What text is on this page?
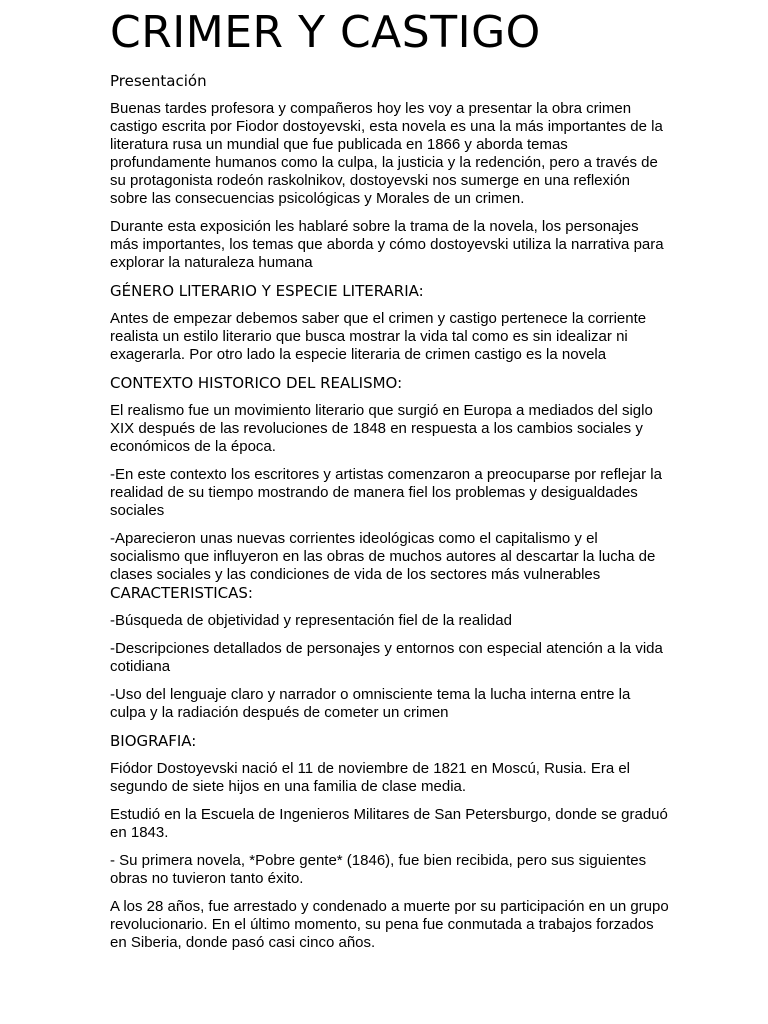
CRIMER Y CASTIGO
Presentación

Buenas tardes profesora y compañeros hoy les voy a presentar la obra crimen castigo escrita por Fiodor dostoyevski, esta novela es una la más importantes de la literatura rusa un mundial que fue publicada en 1866 y aborda temas profundamente humanos como la culpa, la justicia y la redención, pero a través de su protagonista rodeón raskolnikov, dostoyevski nos sumerge en una reflexión sobre las consecuencias psicológicas y Morales de un crimen.

Durante esta exposición les hablaré sobre la trama de la novela, los personajes más importantes, los temas que aborda y cómo dostoyevski utiliza la narrativa para explorar la naturaleza humana

GÉNERO LITERARIO Y ESPECIE LITERARIA:

Antes de empezar debemos saber que el crimen y castigo pertenece la corriente realista un estilo literario que busca mostrar la vida tal como es sin idealizar ni exagerarla. Por otro lado la especie literaria de crimen castigo es la novela

CONTEXTO HISTORICO DEL REALISMO:

El realismo fue un movimiento literario que surgió en Europa a mediados del siglo XIX después de las revoluciones de 1848 en respuesta a los cambios sociales y económicos de la época.

-En este contexto los escritores y artistas comenzaron a preocuparse por reflejar la realidad de su tiempo mostrando de manera fiel los problemas y desigualdades sociales

-Aparecieron unas nuevas corrientes ideológicas como el capitalismo y el socialismo que influyeron en las obras de muchos autores al descartar la lucha de clases sociales y las condiciones de vida de los sectores más vulnerables

CARACTERISTICAS:

-Búsqueda de objetividad y representación fiel de la realidad

-Descripciones detallados de personajes y entornos con especial atención a la vida cotidiana

-Uso del lenguaje claro y narrador o omnisciente tema la lucha interna entre la culpa y la radiación después de cometer un crimen

BIOGRAFIA:

Fiódor Dostoyevski nació el 11 de noviembre de 1821 en Moscú, Rusia. Era el segundo de siete hijos en una familia de clase media.

Estudió en la Escuela de Ingenieros Militares de San Petersburgo, donde se graduó en 1843.

- Su primera novela, *Pobre gente* (1846), fue bien recibida, pero sus siguientes obras no tuvieron tanto éxito.

A los 28 años, fue arrestado y condenado a muerte por su participación en un grupo revolucionario. En el último momento, su pena fue conmutada a trabajos forzados en Siberia, donde pasó casi cinco años.
